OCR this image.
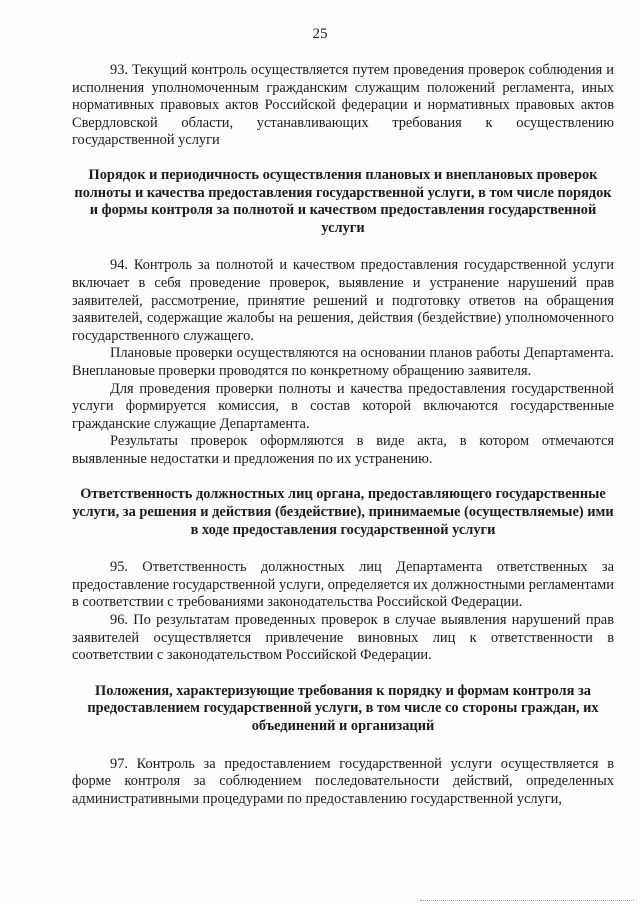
25

93. Текущий контроль осуществляется путем проведения проверок соблюдения и исполнения уполномоченным гражданским служащим положений регламента, иных нормативных правовых актов Российской федерации и нормативных правовых актов Свердловской области, устанавливающих требования к осуществлению государственной услуги

Порядок и периодичность осуществления плановых и внеплановых проверок полноты и качества предоставления государственной услуги, в том числе порядок и формы контроля за полнотой и качеством предоставления государственной услуги

94. Контроль за полнотой и качеством предоставления государственной услуги включает в себя проведение проверок, выявление и устранение нарушений прав заявителей, рассмотрение, принятие решений и подготовку ответов на обращения заявителей, содержащие жалобы на решения, действия (бездействие) уполномоченного государственного служащего.

Плановые проверки осуществляются на основании планов работы Департамента. Внеплановые проверки проводятся по конкретному обращению заявителя.

Для проведения проверки полноты и качества предоставления государственной услуги формируется комиссия, в состав которой включаются государственные гражданские служащие Департамента.

Результаты проверок оформляются в виде акта, в котором отмечаются выявленные недостатки и предложения по их устранению.

Ответственность должностных лиц органа, предоставляющего государственные услуги, за решения и действия (бездействие), принимаемые (осуществляемые) ими в ходе предоставления государственной услуги

95. Ответственность должностных лиц Департамента ответственных за предоставление государственной услуги, определяется их должностными регламентами в соответствии с требованиями законодательства Российской Федерации.

96. По результатам проведенных проверок в случае выявления нарушений прав заявителей осуществляется привлечение виновных лиц к ответственности в соответствии с законодательством Российской Федерации.

Положения, характеризующие требования к порядку и формам контроля за предоставлением государственной услуги, в том числе со стороны граждан, их объединений и организаций

97. Контроль за предоставлением государственной услуги осуществляется в форме контроля за соблюдением последовательности действий, определенных административными процедурами по предоставлению государственной услуги,
